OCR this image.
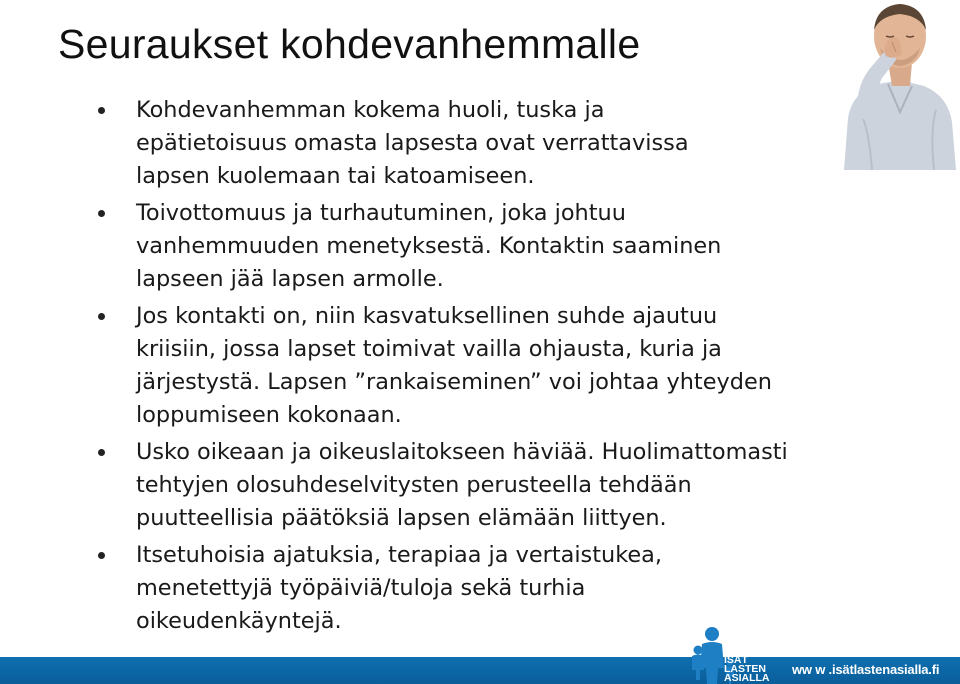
Seuraukset kohdevanhemmalle
Kohdevanhemman kokema huoli, tuska ja
epätietoisuus omasta lapsesta ovat verrattavissa
lapsen kuolemaan tai katoamiseen.
Toivottomuus ja turhautuminen, joka johtuu
vanhemmuuden menetyksestä. Kontaktin saaminen
lapseen jää lapsen armolle.
Jos kontakti on, niin kasvatuksellinen suhde ajautuu
kriisiin, jossa lapset toimivat vailla ohjausta, kuria ja
järjestystä. Lapsen ”rankaiseminen” voi johtaa yhteyden
loppumiseen kokonaan.
Usko oikeaan ja oikeuslaitokseen häviää. Huolimattomasti
tehtyjen olosuhdeselvitysten perusteella tehdään
puutteellisia päätöksiä lapsen elämään liittyen.
Itsetuhoisia ajatuksia, terapiaa ja vertaistukea,
menetettyjä työpäiviä/tuloja sekä turhia
oikeudenkäyntejä.
ISÄT
LASTEN
ASIALLA
ww w .isätlastenasialla.fi
